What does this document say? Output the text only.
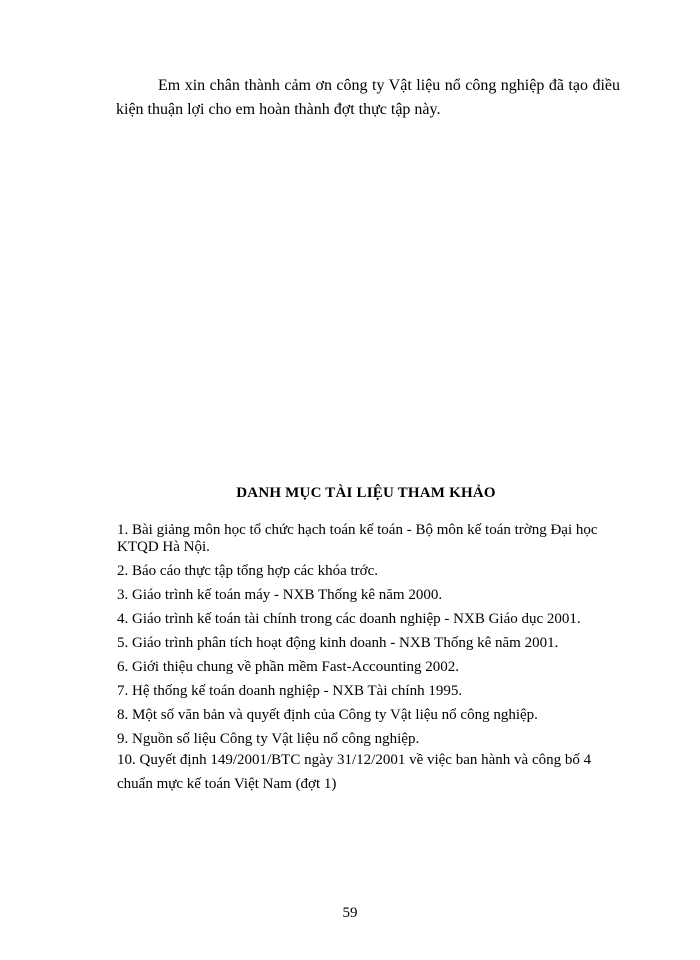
Em xin chân thành cảm ơn công ty Vật liệu nổ công nghiệp đã tạo điều kiện thuận lợi cho em hoàn thành đợt thực tập này.

DANH MỤC TÀI LIỆU THAM KHẢO
1. Bài giảng môn học tổ chức hạch toán kế toán - Bộ môn kế toán trờng Đại học KTQD Hà Nội.
2. Báo cáo thực tập tổng hợp các khóa trớc.
3. Giáo trình kế toán máy - NXB Thống kê năm 2000.
4. Giáo trình kế toán tài chính trong các doanh nghiệp - NXB Giáo dục 2001.
5. Giáo trình phân tích hoạt động kinh doanh - NXB Thống kê năm 2001.
6. Giới thiệu chung về phần mềm Fast-Accounting 2002.
7. Hệ thống kế toán doanh nghiệp - NXB Tài chính 1995.
8. Một số văn bản và quyết định của Công ty Vật liệu nổ công nghiệp.
9. Nguồn số liệu Công ty Vật liệu nổ công nghiệp.
10. Quyết định 149/2001/BTC ngày 31/12/2001 về việc ban hành và công bố 4 chuẩn mực kế toán Việt Nam (đợt 1)

59
